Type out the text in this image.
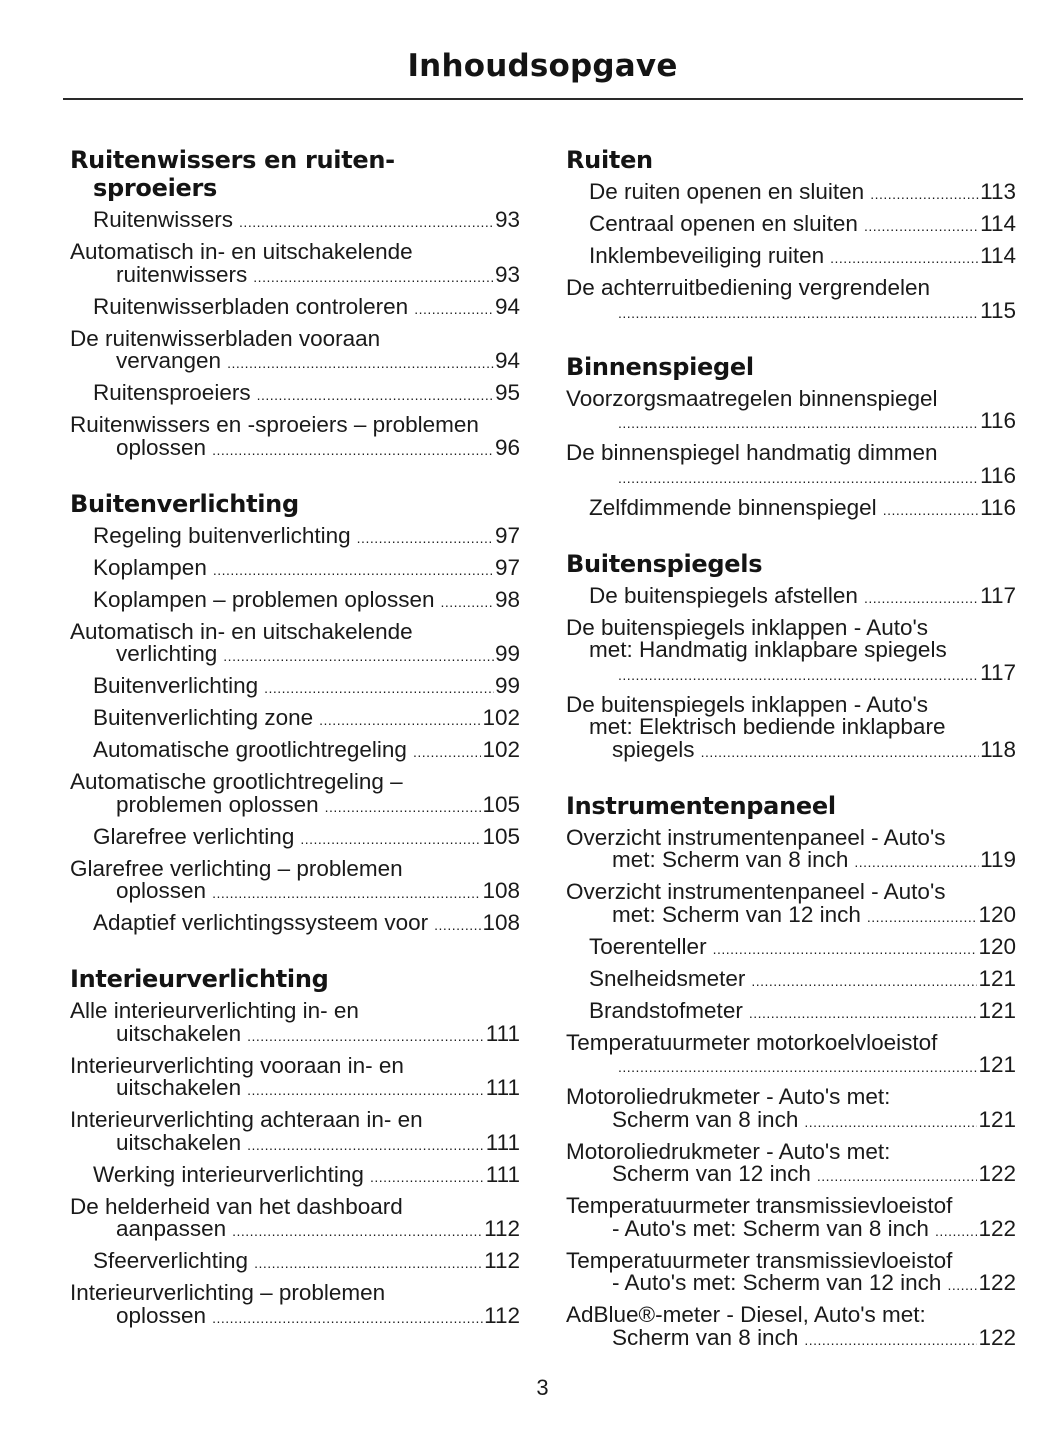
Inhoudsopgave
Ruitenwissers en ruiten-
sproeiers
Ruitenwissers .....	93
Automatisch in- en uitschakelende
ruitenwissers .....	93
Ruitenwisserbladen controleren .....	94
De ruitenwisserbladen vooraan
vervangen .....	94
Ruitensproeiers .....	95
Ruitenwissers en -sproeiers – problemen
oplossen .....	96
Buitenverlichting
Regeling buitenverlichting .....	97
Koplampen .....	97
Koplampen – problemen oplossen .....	98
Automatisch in- en uitschakelende
verlichting .....	99
Buitenverlichting .....	99
Buitenverlichting zone .....	102
Automatische grootlichtregeling .....	102
Automatische grootlichtregeling –
problemen oplossen .....	105
Glarefree verlichting .....	105
Glarefree verlichting – problemen
oplossen .....	108
Adaptief verlichtingssysteem voor ..... 108
Interieurverlichting
Alle interieurverlichting in- en
uitschakelen .....	111
Interieurverlichting vooraan in- en
uitschakelen .....	111
Interieurverlichting achteraan in- en
uitschakelen .....	111
Werking interieurverlichting .....	111
De helderheid van het dashboard
aanpassen .....	112
Sfeerverlichting .....	112
Interieurverlichting – problemen
oplossen .....	112
Ruiten
De ruiten openen en sluiten .....	113
Centraal openen en sluiten .....	114
Inklembeveiliging ruiten .....	114
De achterruitbediening vergrendelen
.....
115
Binnenspiegel
Voorzorgsmaatregelen binnenspiegel
.....
116
De binnenspiegel handmatig dimmen
.....
116
Zelfdimmende binnenspiegel .....	116
Buitenspiegels
De buitenspiegels afstellen .....	117
De buitenspiegels inklappen - Auto's
met: Handmatig inklapbare spiegels
.....
117
De buitenspiegels inklappen - Auto's
met: Elektrisch bediende inklapbare
spiegels .....	118
Instrumentenpaneel
Overzicht instrumentenpaneel - Auto's
met: Scherm van 8 inch .....	119
Overzicht instrumentenpaneel - Auto's
met: Scherm van 12 inch .....	120
Toerenteller .....	120
Snelheidsmeter .....	121
Brandstofmeter .....	121
Temperatuurmeter motorkoelvloeistof
.....
121
Motoroliedrukmeter - Auto's met:
Scherm van 8 inch .....	121
Motoroliedrukmeter - Auto's met:
Scherm van 12 inch .....	122
Temperatuurmeter transmissievloeistof
- Auto's met: Scherm van 8 inch ..... 122
Temperatuurmeter transmissievloeistof
- Auto's met: Scherm van 12 inch ..... 122
AdBlue®-meter - Diesel, Auto's met:
Scherm van 8 inch .....	122
3
